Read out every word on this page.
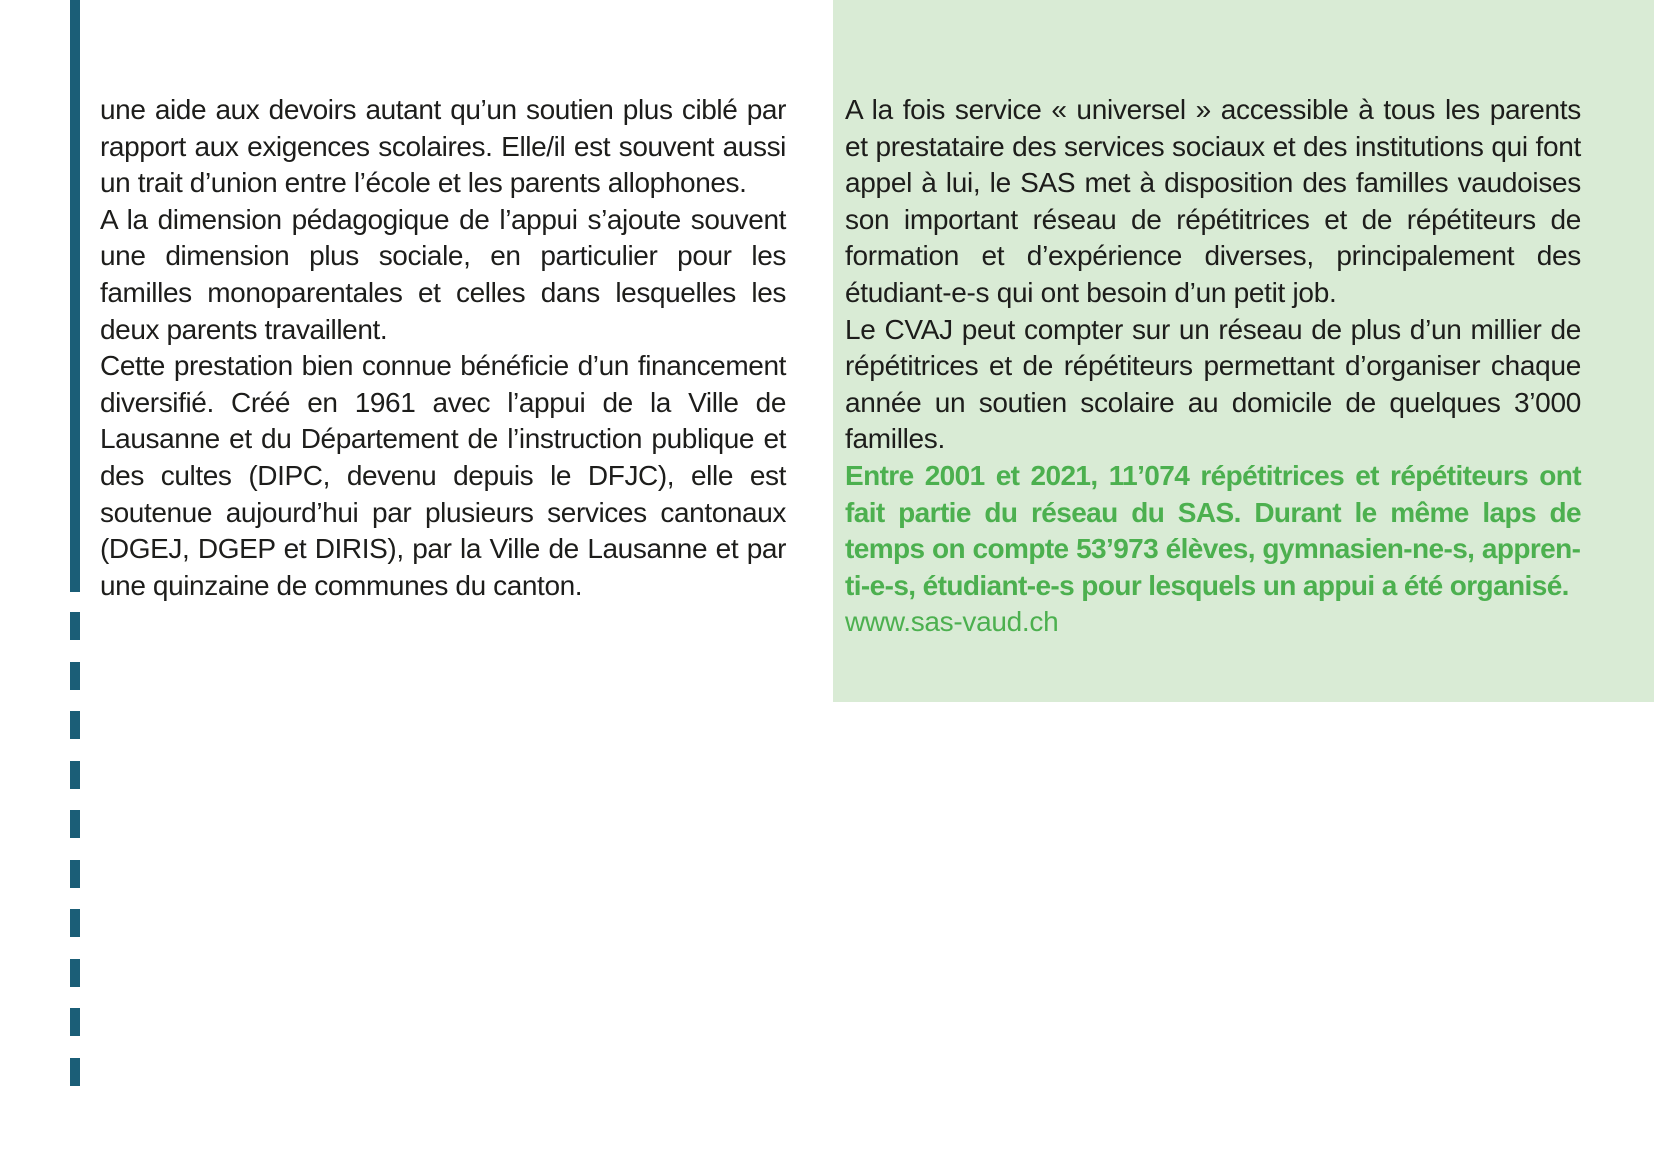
une aide aux devoirs autant qu’un soutien plus ciblé par rapport aux exigences scolaires. Elle/il est souvent aussi un trait d’union entre l’école et les parents allophones.

A la dimension pédagogique de l’appui s’ajoute souvent une dimension plus sociale, en particulier pour les familles monoparentales et celles dans lesquelles les deux parents travaillent.

Cette prestation bien connue bénéficie d’un financement diversifié. Créé en 1961 avec l’appui de la Ville de Lausanne et du Département de l’instruction publique et des cultes (DIPC, devenu depuis le DFJC), elle est soutenue aujourd’hui par plusieurs services cantonaux (DGEJ, DGEP et DIRIS), par la Ville de Lausanne et par une quinzaine de communes du canton.

A la fois service « universel » accessible à tous les parents et prestataire des services sociaux et des institutions qui font appel à lui, le SAS met à disposition des familles vaudoises son important réseau de répétitrices et de répétiteurs de formation et d’expérience diverses, principalement des étudiant-e-s qui ont besoin d’un petit job.

Le CVAJ peut compter sur un réseau de plus d’un millier de répétitrices et de répétiteurs permettant d’organiser chaque année un soutien scolaire au domicile de quelques 3’000 familles.

Entre 2001 et 2021, 11’074 répétitrices et répétiteurs ont fait partie du réseau du SAS. Durant le même laps de temps on compte 53’973 élèves, gymnasien-ne-s, apprenti-e-s, étudiant-e-s pour lesquels un appui a été organisé.

www.sas-vaud.ch
